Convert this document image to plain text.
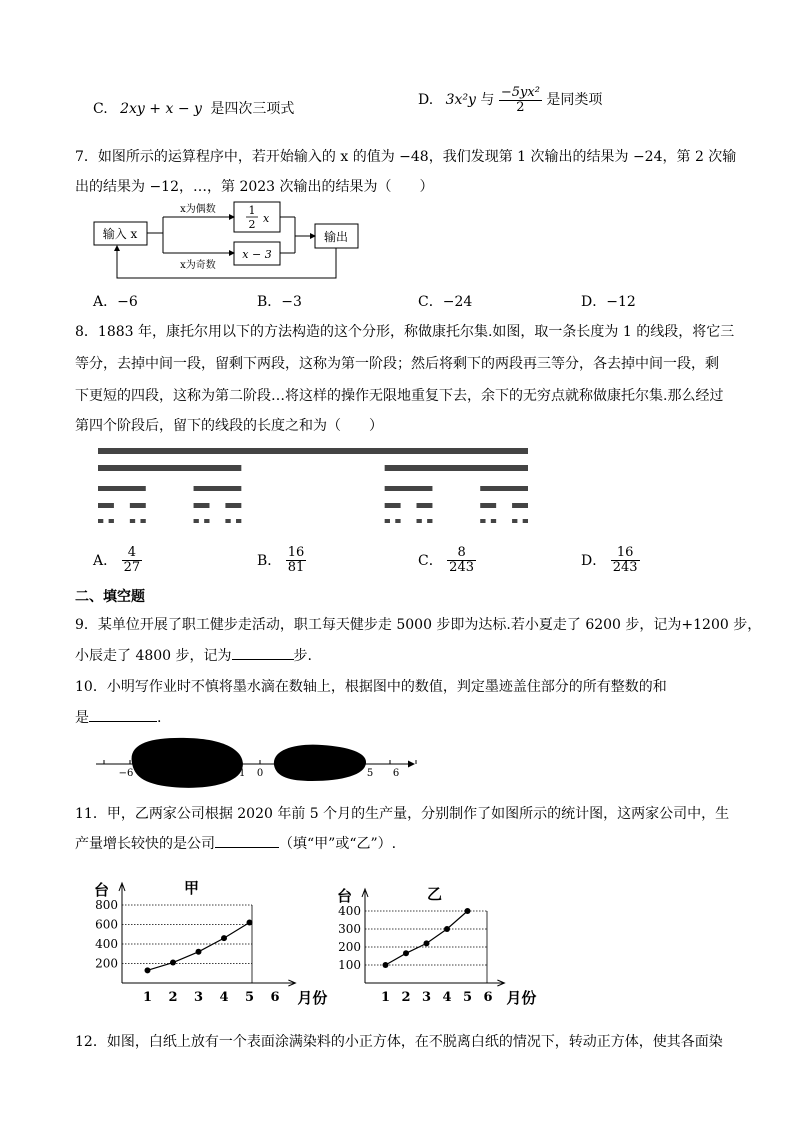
C. 2xy + x − y 是四次三项式
D. 3x²y 与 $\frac{\text{−5yx²}}{2}$ 是同类项
7．如图所示的运算程序中，若开始输入的 x 的值为 −48，我们发现第 1 次输出的结果为 −24，第 2 次输
出的结果为 −12，…，第 2023 次输出的结果为（　　）
输入 x
1
2 x
x − 3
输出
x为偶数
x为奇数
A．−6	B．−3	C．−24	D．−12
8．1883 年，康托尔用以下的方法构造的这个分形，称做康托尔集.如图，取一条长度为 1 的线段，将它三
等分，去掉中间一段，留剩下两段，这称为第一阶段；然后将剩下的两段再三等分，各去掉中间一段，剩
下更短的四段，这称为第二阶段…将这样的操作无限地重复下去，余下的无穷点就称做康托尔集.那么经过
第四个阶段后，留下的线段的长度之和为（　　）
A． $\frac{4}{27}$	B． $\frac{16}{81}$	C． $\frac{8}{243}$	D． $\frac{16}{243}$
二、填空题
9．某单位开展了职工健步走活动，职工每天健步走 5000 步即为达标.若小夏走了 6200 步，记为+1200 步，
小辰走了 4800 步，记为	步.
10．小明写作业时不慎将墨水滴在数轴上，根据图中的数值，判定墨迹盖住部分的所有整数的和
是	.
−6	−1 0	5 6
11．甲，乙两家公司根据 2020 年前 5 个月的生产量，分别制作了如图所示的统计图，这两家公司中，生
产量增长较快的是公司	（填“甲”或“乙”）.
200
400
600
800
1 2 3 4 5 6
台	甲
月份
100
200
300
400
1 2 3 4 5 6
台	乙
月份
12．如图，白纸上放有一个表面涂满染料的小正方体，在不脱离白纸的情况下，转动正方体，使其各面染
